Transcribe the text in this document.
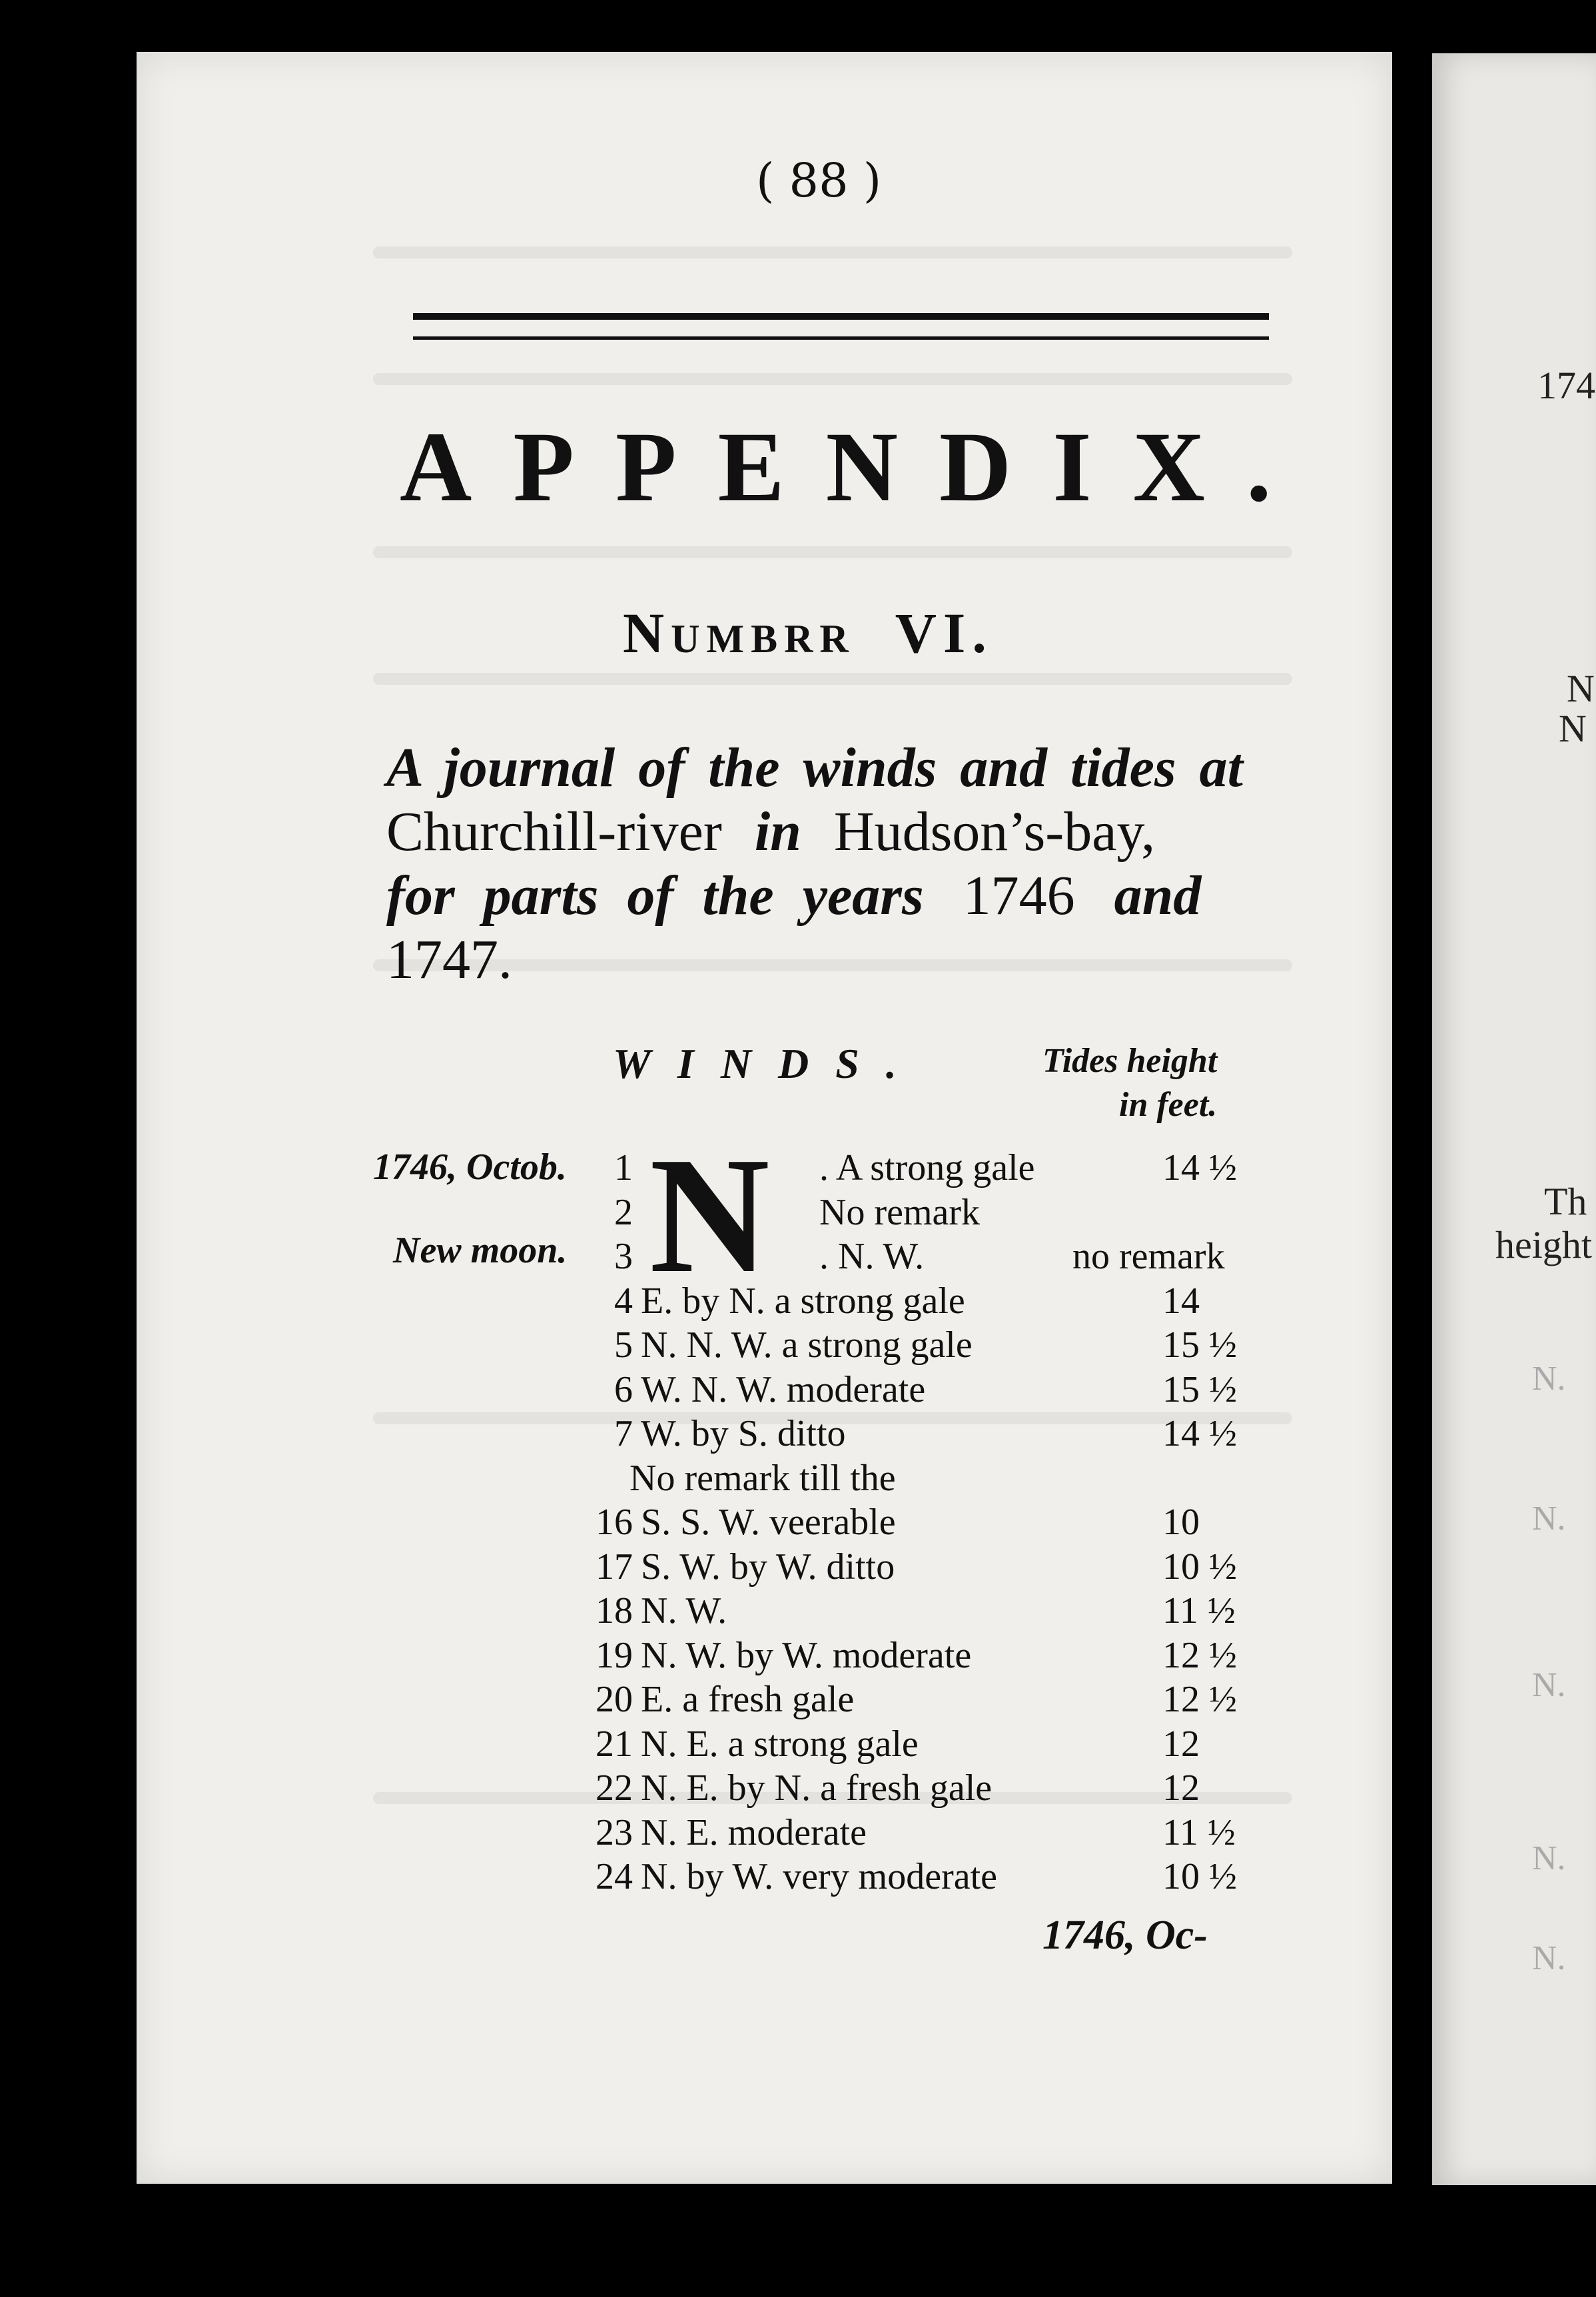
( 88 )
APPENDIX.
Numbrr VI.
A journal of the winds and tides at
Churchill-river in Hudson’s-bay,
for parts of the years 1746 and
1747.
WINDS.	Tides height
in feet.
1746, Octob.
New moon. N
1	. A strong gale	14 ½
2	No remark
3	. N. W.	no remark
4 E. by N. a strong gale	14
5 N. N. W. a strong gale	15 ½
6 W. N. W. moderate	15 ½
7 W. by S. ditto	14 ½
No remark till the
16 S. S. W. veerable	10
17 S. W. by W. ditto	10 ½
18 N. W.	11 ½
19 N. W. by W. moderate	12 ½
20 E. a fresh gale	12 ½
21 N. E. a strong gale	12
22 N. E. by N. a fresh gale	12
23 N. E. moderate	11 ½
24 N. by W. very moderate	10 ½
1746, Oc-
174
N
N
Th
height
N.
N.
N.
N.
N.
